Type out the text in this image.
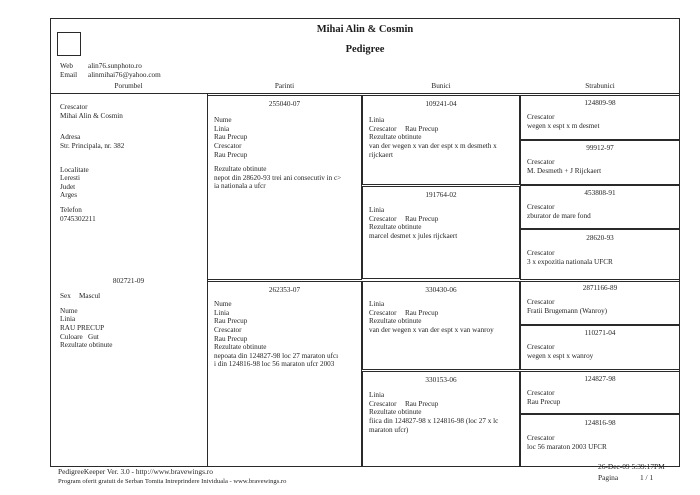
Mihai Alin & Cosmin
Pedigree
Web alin76.sunphoto.ro
Email alinmihai76@yahoo.com
Porumbel	Parinti	Bunici	Strabunici
Crescator
Mihai Alin & Cosmin
Adresa
Str. Principala, nr. 382
Localitate
Leresti
Judet
Arges
Telefon
0745302211
802721-09
Sex Mascul
Nume
Linia
RAU PRECUP
Culoare Gut
Rezultate obtinute
255040-07
Nume
Linia
Rau Precup
Crescator
Rau Precup
Rezultate obtinute
nepot din 28620-93 trei ani consecutiv in c>
ia nationala a ufcr
262353-07
Nume
Linia
Rau Precup
Crescator
Rau Precup
Rezultate obtinute
nepoata din 124827-98 loc 27 maraton ufcı
i din 124816-98 loc 56 maraton ufcr 2003
109241-04
Linia
Crescator Rau Precup
Rezultate obtinute
van der wegen x van der espt x m desmeth x
rijckaert
191764-02
Linia
Crescator Rau Precup
Rezultate obtinute
marcel desmet x jules rijckaert
330430-06
Linia
Crescator Rau Precup
Rezultate obtinute
van der wegen x van der espt x van wanroy
330153-06
Linia
Crescator Rau Precup
Rezultate obtinute
fiica din 124827-98 x 124816-98 (loc 27 x lc
maraton ufcr)
124809-98
Crescator
wegen x espt x m desmet
99912-97
Crescator
M. Desmeth + J Rijckaert
453808-91
Crescator
zburator de mare fond
28620-93
Crescator
3 x expozitia nationala UFCR
2871166-89
Crescator
Fratii Brugemann (Wanroy)
110271-04
Crescator
wegen x espt x wanroy
124827-98
Crescator
Rau Precup
124816-98
Crescator
loc 56 maraton 2003 UFCR
PedigreeKeeper Ver. 3.0 - http://www.bravewings.ro
Program oferit gratuit de Serban Tomita Intreprindere Inividuala - www.bravewings.ro
26-Dec-09 5:39:17PM
Pagina	1 / 1
